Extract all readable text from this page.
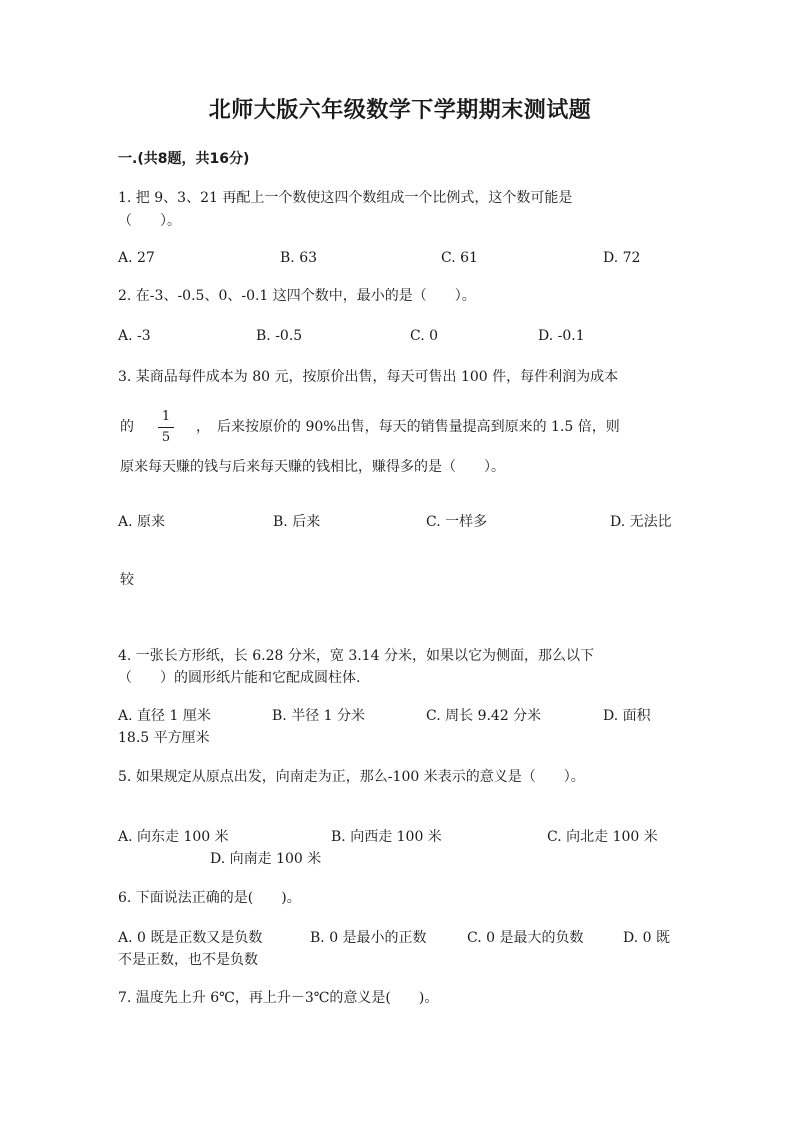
北师大版六年级数学下学期期末测试题
一.(共8题，共16分)
1. 把 9、3、21 再配上一个数使这四个数组成一个比例式，这个数可能是
（　　）。
A. 27	B. 63	C. 61	D. 72
2. 在-3、-0.5、0、-0.1 这四个数中，最小的是（　　）。
A. -3	B. -0.5	C. 0	D. -0.1
3. 某商品每件成本为 80 元，按原价出售，每天可售出 100 件，每件利润为成本
的
1
5
，　后来按原价的 90%出售，每天的销售量提高到原来的 1.5 倍，则
原来每天赚的钱与后来每天赚的钱相比，赚得多的是（　　）。
A. 原来	B. 后来	C. 一样多	D. 无法比
较
4. 一张长方形纸，长 6.28 分米，宽 3.14 分米，如果以它为侧面，那么以下
（　　）的圆形纸片能和它配成圆柱体.
A. 直径 1 厘米	B. 半径 1 分米	C. 周长 9.42 分米	D. 面积
18.5 平方厘米
5. 如果规定从原点出发，向南走为正，那么-100 米表示的意义是（　　）。
A. 向东走 100 米	B. 向西走 100 米	C. 向北走 100 米
D. 向南走 100 米
6. 下面说法正确的是(　　)。
A. 0 既是正数又是负数	B. 0 是最小的正数	C. 0 是最大的负数	D. 0 既
不是正数，也不是负数
7. 温度先上升 6℃，再上升－3℃的意义是(　　)。
